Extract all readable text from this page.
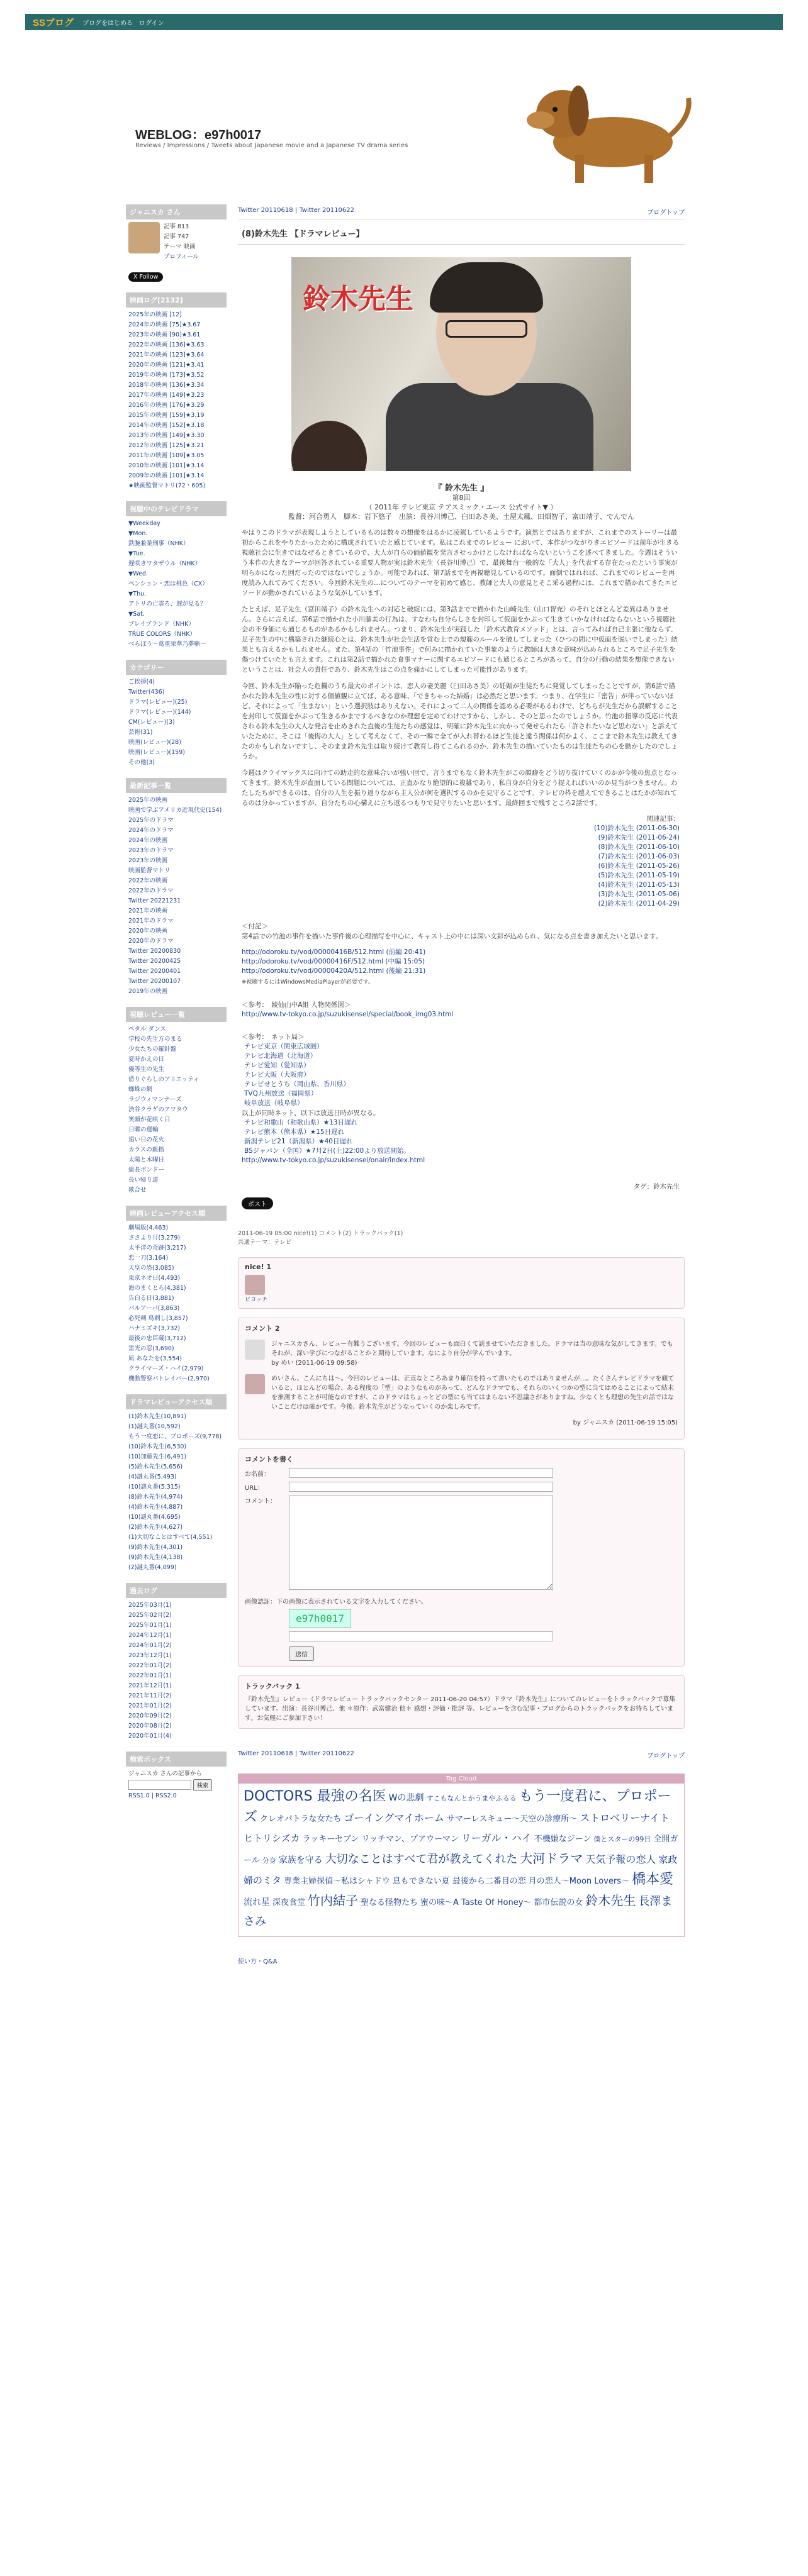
SSブログ ブログをはじめる ログイン
WEBLOG：e97h0017
Reviews / Impressions / Tweets about Japanese movie and a Japanese TV drama series
ジャニスカ さん
記事 813
記事 747
テーマ 映画
プロフィール
X Follow
映画ログ[2132]
2025年の映画 [12]
2024年の映画 [75]★3.67
2023年の映画 [90]★3.61
2022年の映画 [136]★3.63
2021年の映画 [123]★3.64
2020年の映画 [121]★3.41
2019年の映画 [173]★3.52
2018年の映画 [136]★3.34
2017年の映画 [149]★3.23
2016年の映画 [176]★3.29
2015年の映画 [159]★3.19
2014年の映画 [152]★3.18
2013年の映画 [149]★3.30
2012年の映画 [125]★3.21
2011年の映画 [109]★3.05
2010年の映画 [101]★3.14
2009年の映画 [101]★3.14
★映画監督マトリ(72・605)
視聴中のテレビドラマ
▼Weekday
▼Mon.
鉄腕兼業刑事（NHK）
▼Tue.
遅咲きワタザウル（NHK）
▼Wed.
ペンション・恋は桃色（CX）
▼Thu.
アトリの亡霊ろ、遅が見る？
▼Sat.
ブレイブランド（NHK）
TRUE COLORS（NHK）
べらぼう～蔦重栄華乃夢噺～
カテゴリー
ご挨拶(4)
Twitter(436)
ドラマ(レビュー)(25)
ドラマ(レビュー)(144)
CM(レビュー)(3)
芸術(31)
映画(レビュー)(28)
映画(レビュー)(159)
その他(3)
最新記事一覧
2025年の映画
映画で学ぶアメリカ近現代史(154)
2025年のドラマ
2024年のドラマ
2024年の映画
2023年のドラマ
2023年の映画
映画監督マトリ
2022年の映画
2022年のドラマ
Twitter 20221231
2021年の映画
2021年のドラマ
2020年の映画
2020年のドラマ
Twitter 20200830
Twitter 20200425
Twitter 20200401
Twitter 20200107
2019年の映画
視聴レビュー一覧
ペタル ダンス
学校の先生方のまる
少女たちの羅針盤
夏時かえの日
優等生の先生
借りぐらしのアリエッティ
蜘蛛の網
ラジウィマンナーズ
渋谷クラゲのアワタウ
笑顔が花咲く日
日曜の運輸
遠い日の花火
カラスの親指
太陽と木曜日
総長ボンドー
長い帰り道
歌合せ
映画レビューアクセス順
劇場版(4,463)
ささより月(3,279)
太平洋の奇跡(3,217)
恋一刀(3,164)
天皇の恐(3,085)
東京ネオ日(4,493)
海のまくとら(4,381)
告白る日(3,881)
バルアーパ(3,863)
必死剣 鳥刺し(3,857)
ハナミズキ(3,732)
最後の忠臣蔵(3,712)
雷光の忍(3,690)
凪 あなたを(3,554)
クライマーズ・ハイ(2,979)
機動警察パトレイバー(2,970)
ドラマレビューアクセス順
(1)鈴木先生(10,891)
(1)謎丸番(10,592)
もう一度恋に、プロポーズ(9,778)
(10)鈴木先生(6,530)
(10)加藤先生(6,491)
(5)鈴木先生(5,656)
(4)謎丸番(5,493)
(10)謎丸番(5,315)
(8)鈴木先生(4,974)
(4)鈴木先生(4,887)
(10)謎丸番(4,695)
(2)鈴木先生(4,627)
(1)大切なことはすべて(4,551)
(9)鈴木先生(4,301)
(9)鈴木先生(4,138)
(2)謎丸番(4,099)
過去ログ
2025年03月(1)
2025年02月(2)
2025年01月(1)
2024年12月(1)
2024年01月(2)
2023年12月(1)
2022年01月(2)
2022年01月(1)
2021年12月(1)
2021年11月(2)
2021年01月(2)
2020年09月(2)
2020年08月(2)
2020年01月(4)
検索ボックス
ジャニスカ さんの記事から
検索
RSS1.0 | RSS2.0
Twitter 20110618 | Twitter 20110622	ブログトップ
(8)鈴木先生 【ドラマレビュー】
鈴木先生
『 鈴木先生 』
第8回
（ 2011年 テレビ東京 テアスミック・エース 公式サイト▼ ）
監督：河合勇人　脚本：岩下悠子　出演：長谷川博己、臼田あさ美、土屋太鳳、田畑智子、富田靖子、でんでん

やはりこのドラマが表現しようとしているものは数々の想像をはるかに凌駕しているようです。演然とではありますが、これまでのストーリーは最初からこれをやりたかったために構成されていたと感じています。私はこれまでのレビュー において、本作がつながりきエピソードは前年が生きる視聴社会に生きではなぜるときているので、大人が自らの価値観を発言させっかけとしなければならないというこを述べてきました。今週はそういう本作の大きなテーマが回答されている重要人物が実は鈴木先生（長谷川博己）で、最後舞台一般的な「大人」を代表する存在たったという事実が明らかになった回だったのではないでしょうか。可能であれば、第7話までを再視聴見しているのです。面倒ではれれば、これまでのレビューを再度読み入れてみてください。今回鈴木先生の…についてのテーマを初めて感じ、教師と大人の意見とそこ采る過程には、これまで描かれてきたエピソードが動かされているような気がしています。

たとえば、足子先生（富田靖子）の鈴木先生への対応と破綻には、第3話までで描かれた山崎先生（山口智充）のそれとほとんど差異はありません。さらに言えば、第6話で描かれた小川藤美の行為は、すなわち自分らしさを封印して仮面をかぶって生きていかなければならないという視聴社会の不身価にも通じるものがあるかもしれません。つまり、鈴木先生が実践した「鈴木式教育メソッド」とは、言ってみれば自己主張に他ならず、足子先生の中に構築された継続心とは、鈴木先生が社会生活を営む上での規範のルールを破してしまった（ひつの問に中仮面を脱いでしまった）結果とも言えるかもしれません。また、第4話の「竹池事件」で何みに描かれていた事象のように教師は大きな意味が込められるところで足子先生を傷つけていたとも言えます。これは第2話で描かれた食事マナーに関するエピソードにも通じるところがあって、自分の行動の結果を想像できないということは、社会人の責任であり、鈴木先生はこの点を痛かにしてしまった可能性があります。

今回、鈴木先生が陥った危機のうち最大のポイントは、恋人の妻美麗（臼田あさ美）の妊娠が生徒たちに発覚してしまったことですが、第6話で描かれた鈴木先生の性に対する価値観に立てば、ある意味、「できちゃった結婚」は必然だと思います。つまり、在学生に「密告」が伴っていないほど、それによって「生まない」という選択肢はありえない。それによって二人の関係を認める必要があるわけで、どちらが先生だから誤解することを封印して仮面をかぶって生きるかまでするべきなのか理想を定めてわけですから、しかし、そのと思ったのでしょうか。竹池の指導の反応に代表される鈴木先生の大人な発言を止めきれた直後の生徒たちの感覚は、明確に鈴木先生に向かって発せられたら「許されたいなど思わない」と訴えていたために、そこは「後悔の大人」として考えなくて、その一瞬で全てが入れ替わるほど生徒と違う関係は何かよく、ここまで鈴木先生は教えてきたのかもしれないですし、そのまま鈴木先生は取り続けて教育し得てこられるのか、鈴木先生の描いていたものは生徒たちの心を動かしたのでしょうか。

今週はクライマックスに向けての助走的な意味合いが強い回で、言うまでもなく鈴木先生がこの顔癖をどう切り抜けていくのかが今後の焦点となってきます。鈴木先生が直面している問題については、正直かなり絶望的に複雑であり、私自身が自分をどう捉えればいいのか見当がつきません。わたしたちができるのは、自分の人生を振り返りながら主人公が何を選択するのかを見守ることです。テレビの枠を越えてできることはたかが知れてるのは分かっていますが、自分たちの心構えに立ち返るつもりで見守りたいと思います。最終回まで残すところ2話です。

関連記事：
(10)鈴木先生 (2011-06-30)
(9)鈴木先生 (2011-06-24)
(8)鈴木先生 (2011-06-10)
(7)鈴木先生 (2011-06-03)
(6)鈴木先生 (2011-05-26)
(5)鈴木先生 (2011-05-19)
(4)鈴木先生 (2011-05-13)
(3)鈴木先生 (2011-05-06)
(2)鈴木先生 (2011-04-29)

＜付記＞

第4話での竹池の事件を描いた事件後の心理描写を中心に、キャスト上の中には深い文彩が込められ、気になる点を書き加えたいと思います。

http://odoroku.tv/vod/00000416B/512.html (前編 20:41)
http://odoroku.tv/vod/00000416F/512.html (中編 15:05)
http://odoroku.tv/vod/00000420A/512.html (後編 21:31)

※視聴するにはWindowsMediaPlayerが必要です。

＜参考：　綾仙山中A組 人物関係図＞

http://www.tv-tokyo.co.jp/suzukisensei/special/book_img03.html

＜参考：　ネット局＞

テレビ東京（関東広域圏）
テレビ北海道（北海道）
テレビ愛知（愛知県）
テレビ大阪（大阪府）
テレビせとうち（岡山県、香川県）
TVQ九州放送（福岡県）
岐阜放送（岐阜県）

以上が同時ネット、以下は放送日時が異なる。

テレビ和歌山（和歌山県）★13日遅れ
テレビ熊本（熊本県）★15日遅れ
新潟テレビ21（新潟県）★40日遅れ
BSジャパン（全国）★7月2日(土)22:00より放送開始。
http://www.tv-tokyo.co.jp/suzukisensei/onair/index.html
タグ：鈴木先生
ポスト
2011-06-19 05:00 nice!(1) コメント(2) トラックバック(1)
共通テーマ：テレビ
nice! 1
ビヨッチ
コメント 2
ジャニスカさん、レビュー有難うございます。今回のレビューも面白くて読ませていただきました。ドラマは当の意味な気がしてきます。でもそれが、深い学びにつながることかと期待しています。なにより自分が学んでいます。
by めい (2011-06-19 09:58)
めいさん、こんにちは〜。今回のレビューは、正直なところあまり確信を持って書いたものではありませんが…。たくさんテレビドラマを観ていると、ほとんどの場合、ある程度の「型」のようなものがあって、どんなドラマでも、それらのいくつかの型に当てはめることによって結末を推測することが可能なのですが、このドラマはちょっとどの型にも当てはまらない不思議さがありますね。少なくとも理想の先生の話ではないことだけは確かです。今後、鈴木先生がどうなっていくのか楽しみです。
by ジャニスカ (2011-06-19 15:05)
コメントを書く
お名前：
URL：
コメント：
画像認証：下の画像に表示されている文字を入力してください。
e97h0017
送信
トラックバック 1
『鈴木先生』レビュー（ドラマレビュー トラックバックセンター 2011-06-20 04:57）ドラマ『鈴木先生』についてのレビューをトラックバックで募集しています。出演：長谷川博己、他 ＊原作：武富健治 他＊ 感想・評価・批評 等、レビューを含む記事・ブログからのトラックバックをお待ちしています。お気軽にご参加下さい！
Twitter 20110618 | Twitter 20110622	ブログトップ
Tag Cloud
DOCTORS 最強の名医 Wの悲劇 すこもなんとかうまやふるる もう一度君に、プロポーズ クレオパトラな女たち ゴーイングマイホーム サマーレスキュー〜天空の診療所〜 ストロベリーナイトヒトリシズカ ラッキーセブン リッチマン、プアウーマン リーガル・ハイ 不機嫌なジーン 僕とスターの99日 全開ガール 分身 家族を守る 大切なことはすべて君が教えてくれた 大河ドラマ 天気予報の恋人 家政婦のミタ 専業主婦探偵〜私はシャドウ 息もできない夏 最後から二番目の恋 月の恋人〜Moon Lovers〜 橋本愛流れ星 深夜食堂 竹内結子 聖なる怪物たち 蜜の味〜A Taste Of Honey〜 都市伝説の女 鈴木先生 長澤まさみ
使い方・Q&A
